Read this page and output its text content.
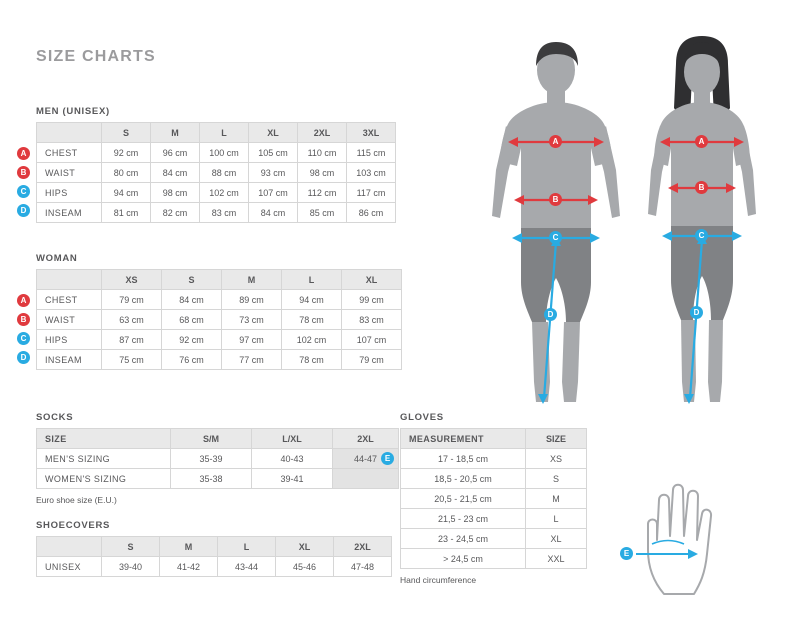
SIZE CHARTS
MEN (UNISEX)
A
B
C
D
	S	M	L	XL	2XL	3XL
CHEST	92 cm	96 cm	100 cm	105 cm	110 cm	115 cm
WAIST	80 cm	84 cm	88 cm	93 cm	98 cm	103 cm
HIPS	94 cm	98 cm	102 cm	107 cm	112 cm	117 cm
INSEAM	81 cm	82 cm	83 cm	84 cm	85 cm	86 cm
WOMAN
A
B
C
D
	XS	S	M	L	XL
CHEST	79 cm	84 cm	89 cm	94 cm	99 cm
WAIST	63 cm	68 cm	73 cm	78 cm	83 cm
HIPS	87 cm	92 cm	97 cm	102 cm	107 cm
INSEAM	75 cm	76 cm	77 cm	78 cm	79 cm
SOCKS
SIZE	S/M	L/XL	2XL
MEN'S SIZING	35-39	40-43	44-47
WOMEN'S SIZING	35-38	39-41	
Euro shoe size (E.U.)
SHOECOVERS
	S	M	L	XL	2XL
UNISEX	39-40	41-42	43-44	45-46	47-48
GLOVES
E
MEASUREMENT	SIZE
17 - 18,5 cm	XS
18,5 - 20,5 cm	S
20,5 - 21,5 cm	M
21,5 - 23 cm	L
23 - 24,5 cm	XL
> 24,5 cm	XXL
Hand circumference
A
B
C
D
A
B
C
D
E
